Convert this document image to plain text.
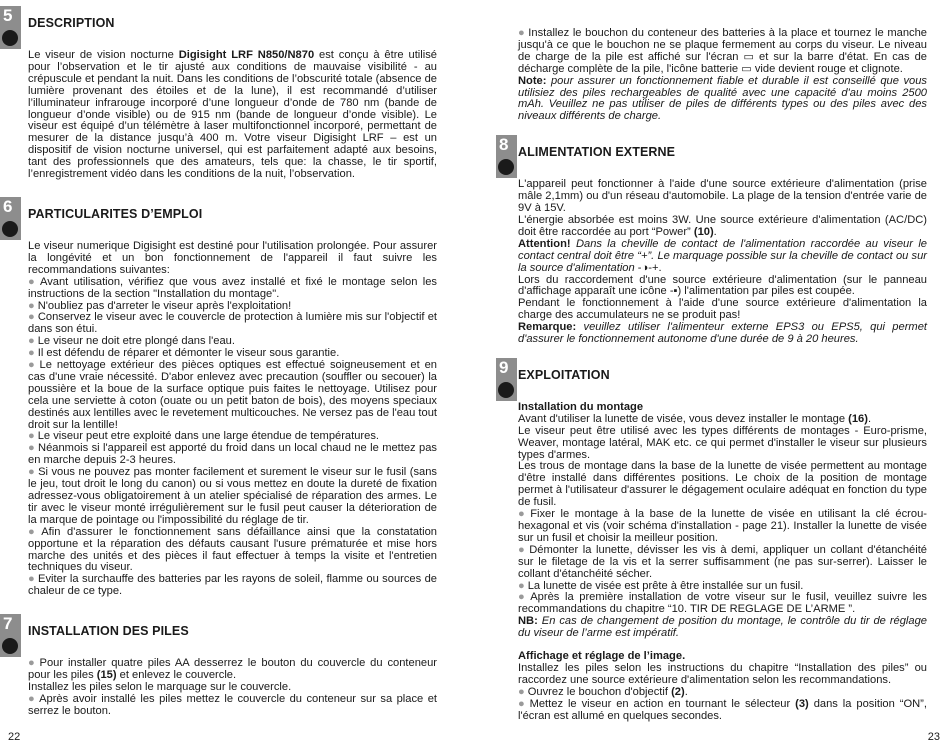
5 DESCRIPTION

Le viseur de vision nocturne Digisight LRF N850/N870 est conçu à être utilisé pour l’observation et le tir ajusté aux conditions de mauvaise visibilité - au crépuscule et pendant la nuit. Dans les conditions de l’obscurité totale (absence de lumière provenant des étoiles et de la lune), il est recommandé d’utiliser l’illuminateur infrarouge incorporé d’une longueur d’onde de 780 nm (bande de longueur d’onde visible) ou de 915 nm (bande de longueur d’onde visible). Le viseur est équipé d’un télémètre à laser multifonctionnel incorporé, permettant de mesurer de la distance jusqu’à 400 m. Votre viseur Digisight LRF – est un dispositif de vision nocturne universel, qui est parfaitement adapté aux besoins, tant des professionnels que des amateurs, tels que: la chasse, le tir sportif, l’enregistrement vidéo dans les conditions de la nuit, l’observation.

6 PARTICULARITES D’EMPLOI

Le viseur numerique Digisight est destiné pour l'utilisation prolongée. Pour assurer la longévité et un bon fonctionnement de l'appareil il faut suivre les recommandations suivantes:

● Avant utilisation, vérifiez que vous avez installé et fixé le montage selon les instructions de la section "Installation du montage".

● N'oubliez pas d'arreter le viseur après l'exploitation!

● Conservez le viseur avec le couvercle de protection à lumière mis sur l'objectif et dans son étui.

● Le viseur ne doit etre plongé dans l'eau.

● Il est défendu de réparer et démonter le viseur sous garantie.

● Le nettoyage extérieur des pièces optiques est effectué soigneusement et en cas d'une vraie nécessité. D'abor enlevez avec precaution (souffler ou secouer) la poussière et la boue de la surface optique puis faites le nettoyage. Utilisez pour cela une serviette à coton (ouate ou un petit baton de bois), des moyens speciaux destinés aux lentilles avec le revetement multicouches. Ne versez pas de l'eau tout droit sur la lentille!

● Le viseur peut etre exploité dans une large étendue de températures.

● Néanmois si l'appareil est apporté du froid dans un local chaud ne le mettez pas en marche depuis 2-3 heures.

● Si vous ne pouvez pas monter facilement et surement le viseur sur le fusil (sans le jeu, tout droit le long du canon) ou si vous mettez en doute la dureté de fixation adressez-vous obligatoirement à un atelier spécialisé de réparation des armes. Le tir avec le viseur monté irrégulièrement sur le fusil peut causer la déterioration de la marque de pointage ou l'impossibilité du réglage de tir.

● Afin d'assurer le fonctionnement sans défaillance ainsi que la constatation opportune et la réparation des défauts causant l'usure prématurée et mise hors marche des unités et des pièces il faut effectuer à temps la visite et l'entretien techniques du viseur.

● Eviter la surchauffe des batteries par les rayons de soleil, flamme ou sources de chaleur de ce type.

7 INSTALLATION DES PILES

● Pour installer quatre piles AA desserrez le bouton du couvercle du conteneur pour les piles (15) et enlevez le couvercle.

Installez les piles selon le marquage sur le couvercle.

● Après avoir installé les piles mettez le couvercle du conteneur sur sa place et serrez le bouton.

● Installez le bouchon du conteneur des batteries à la place et tournez le manche jusqu'à ce que le bouchon ne se plaque fermement au corps du viseur. Le niveau de charge de la pile est affiché sur l'écran ▭ et sur la barre d'état. En cas de décharge complète de la pile, l'icône batterie ▭ vide devient rouge et clignote.

Note: pour assurer un fonctionnement fiable et durable il est conseillé que vous utilisiez des piles rechargeables de qualité avec une capacité d'au moins 2500 mAh. Veuillez ne pas utiliser de piles de différents types ou des piles avec des niveaux différents de charge.

8 ALIMENTATION EXTERNE

L'appareil peut fonctionner à l'aide d'une source extérieure d'alimentation (prise mâle 2,1mm) ou d'un réseau d'automobile. La plage de la tension d'entrée varie de 9V à 15V.

L'énergie absorbée est moins 3W. Une source extérieure d'alimentation (AC/DC) doit être raccordée au port “Power” (10).

Attention! Dans la cheville de contact de l'alimentation raccordée au viseur le contact central doit être “+”. Le marquage possible sur la cheville de contact ou sur la source d'alimentation -◑-+.

Lors du raccordement d'une source extérieure d'alimentation (sur le panneau d'affichage apparaît une icône -▪) l'alimentation par piles est coupée.

Pendant le fonctionnement à l'aide d'une source extérieure d'alimentation la charge des accumulateurs ne se produit pas!

Remarque: veuillez utiliser l'alimenteur externe EPS3 ou EPS5, qui permet d'assurer le fonctionnement autonome d'une durée de 9 à 20 heures.

9 EXPLOITATION

Installation du montage

Avant d'utiliser la lunette de visée, vous devez installer le montage (16).

Le viseur peut être utilisé avec les types différents de montages - Euro-prisme, Weaver, montage latéral, MAK etc. ce qui permet d'installer le viseur sur plusieurs types d'armes.

Les trous de montage dans la base de la lunette de visée permettent au montage d'être installé dans différentes positions. Le choix de la position de montage permet à l'utilisateur d'assurer le dégagement oculaire adéquat en fonction du type de fusil.

● Fixer le montage à la base de la lunette de visée en utilisant la clé écrou-hexagonal et vis (voir schéma d'installation - page 21). Installer la lunette de visée sur un fusil et choisir la meilleur position.

● Démonter la lunette, dévisser les vis à demi, appliquer un collant d'étanchéité sur le filetage de la vis et la serrer suffisamment (ne pas sur-serrer). Laisser le collant d'étanchéité sécher.

● La lunette de visée est prête à être installée sur un fusil.

● Après la première installation de votre viseur sur le fusil, veuillez suivre les recommandations du chapitre “10. TIR DE REGLAGE DE L’ARME ”.

NB: En cas de changement de position du montage, le contrôle du tir de réglage du viseur de l’arme est impératif.

Affichage et réglage de l’image.

Installez les piles selon les instructions du chapitre “Installation des piles” ou raccordez une source extérieure d'alimentation selon les recommandations.

● Ouvrez le bouchon d'objectif (2).

● Mettez le viseur en action en tournant le sélecteur (3) dans la position “ON”, l'écran est allumé en quelques secondes.

22	23
